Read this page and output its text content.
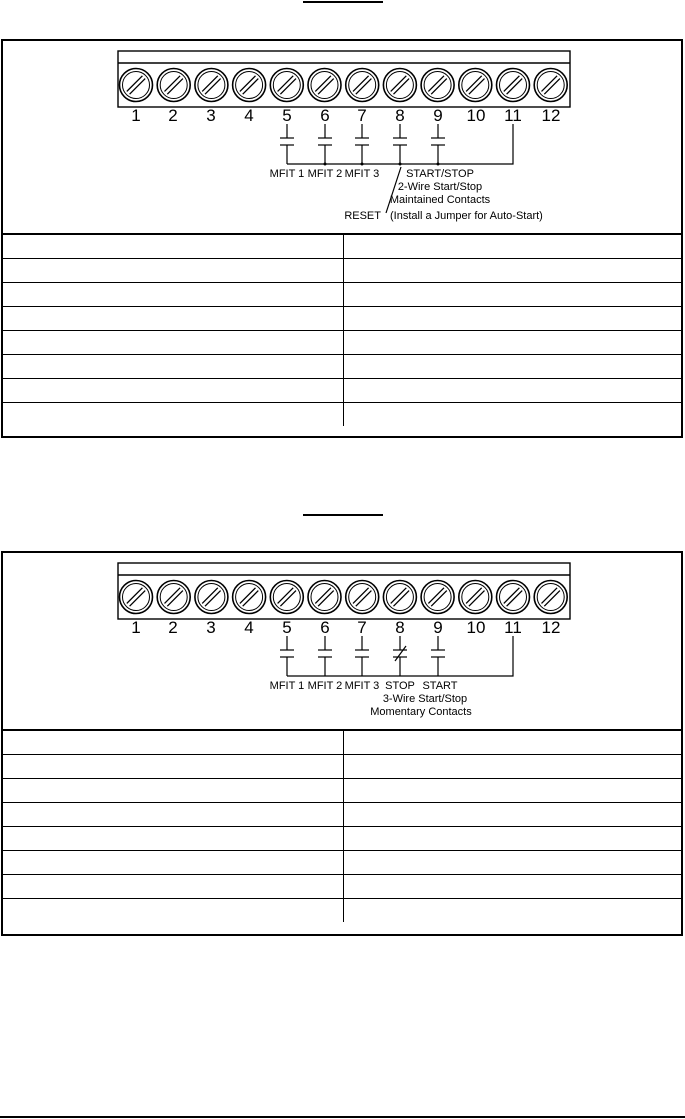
1 2 3 4 5 6 7 8 9 10 11 12
MFIT 1 MFIT 2 MFIT 3 START/STOP
2-Wire Start/Stop
Maintained Contacts
RESET (Install a Jumper for Auto-Start)

1 2 3 4 5 6 7 8 9 10 11 12
MFIT 1 MFIT 2 MFIT 3 STOP START
3-Wire Start/Stop
Momentary Contacts
